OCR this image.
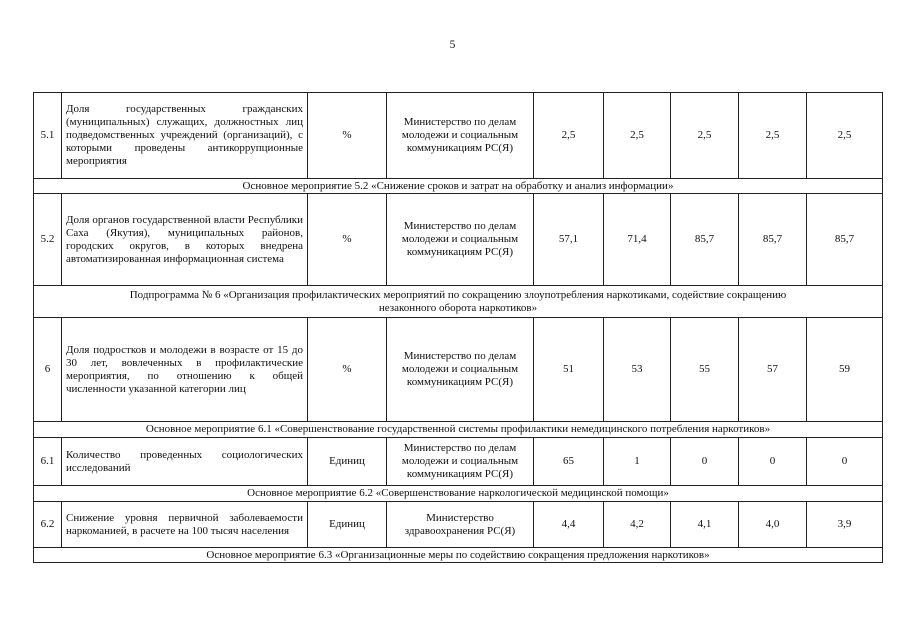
5
5.1	Доля государственных гражданских (муниципальных) служащих, должностных лиц подведомственных учреждений (организаций), с которыми проведены антикоррупционные мероприятия	%	Министерство по делам молодежи и социальным коммуникациям РС(Я)	2,5	2,5	2,5	2,5	2,5
Основное мероприятие 5.2 «Снижение сроков и затрат на обработку и анализ информации»								
5.2	Доля органов государственной власти Республики Саха (Якутия), муниципальных районов, городских округов, в которых внедрена автоматизированная информационная система	%	Министерство по делам молодежи и социальным коммуникациям РС(Я)	57,1	71,4	85,7	85,7	85,7
Подпрограмма № 6 «Организация профилактических мероприятий по сокращению злоупотребления наркотиками, содействие сокращению незаконного оборота наркотиков»								
6	Доля подростков и молодежи в возрасте от 15 до 30 лет, вовлеченных в профилактические мероприятия, по отношению к общей численности указанной категории лиц	%	Министерство по делам молодежи и социальным коммуникациям РС(Я)	51	53	55	57	59
Основное мероприятие 6.1 «Совершенствование государственной системы профилактики немедицинского потребления наркотиков»								
6.1	Количество проведенных социологических исследований	Единиц	Министерство по делам молодежи и социальным коммуникациям РС(Я)	65	1	0	0	0
Основное мероприятие 6.2 «Совершенствование наркологической медицинской помощи»								
6.2	Снижение уровня первичной заболеваемости наркоманией, в расчете на 100 тысяч населения	Единиц	Министерство здравоохранения РС(Я)	4,4	4,2	4,1	4,0	3,9
Основное мероприятие 6.3 «Организационные меры по содействию сокращения предложения наркотиков»								
